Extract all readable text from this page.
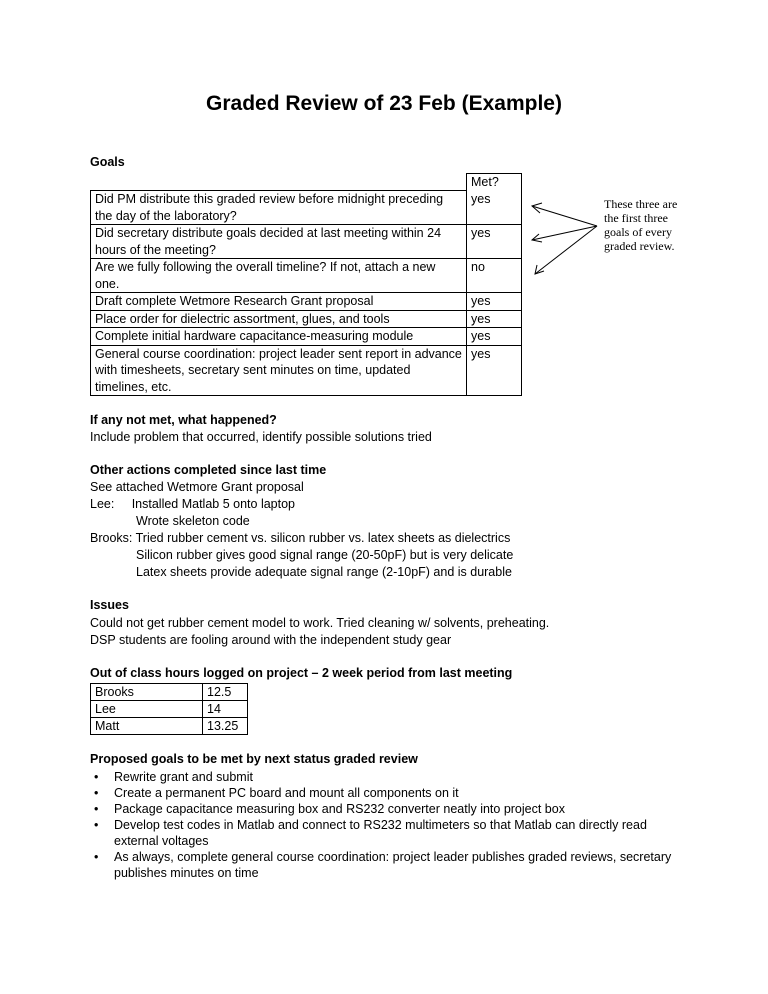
Graded Review of 23 Feb (Example)
Goals
	Met?
Did PM distribute this graded review before midnight preceding the day of the laboratory?	yes
Did secretary distribute goals decided at last meeting within 24 hours of the meeting?	yes
Are we fully following the overall timeline? If not, attach a new one.	no
Draft complete Wetmore Research Grant proposal	yes
Place order for dielectric assortment, glues, and tools	yes
Complete initial hardware capacitance-measuring module	yes
General course coordination: project leader sent report in advance with timesheets, secretary sent minutes on time, updated timelines, etc.	yes
These three are the first three goals of every graded review.
If any not met, what happened?
Include problem that occurred, identify possible solutions tried
Other actions completed since last time
See attached Wetmore Grant proposal
Lee:     Installed Matlab 5 onto laptop
Wrote skeleton code
Brooks: Tried rubber cement vs. silicon rubber vs. latex sheets as dielectrics
Silicon rubber gives good signal range (20-50pF) but is very delicate
Latex sheets provide adequate signal range (2-10pF) and is durable
Issues
Could not get rubber cement model to work. Tried cleaning w/ solvents, preheating.
DSP students are fooling around with the independent study gear
Out of class hours logged on project – 2 week period from last meeting
Brooks	12.5
Lee	14
Matt	13.25
Proposed goals to be met by next status graded review
• Rewrite grant and submit
• Create a permanent PC board and mount all components on it
• Package capacitance measuring box and RS232 converter neatly into project box
• Develop test codes in Matlab and connect to RS232 multimeters so that Matlab can directly read external voltages
• As always, complete general course coordination: project leader publishes graded reviews, secretary publishes minutes on time
